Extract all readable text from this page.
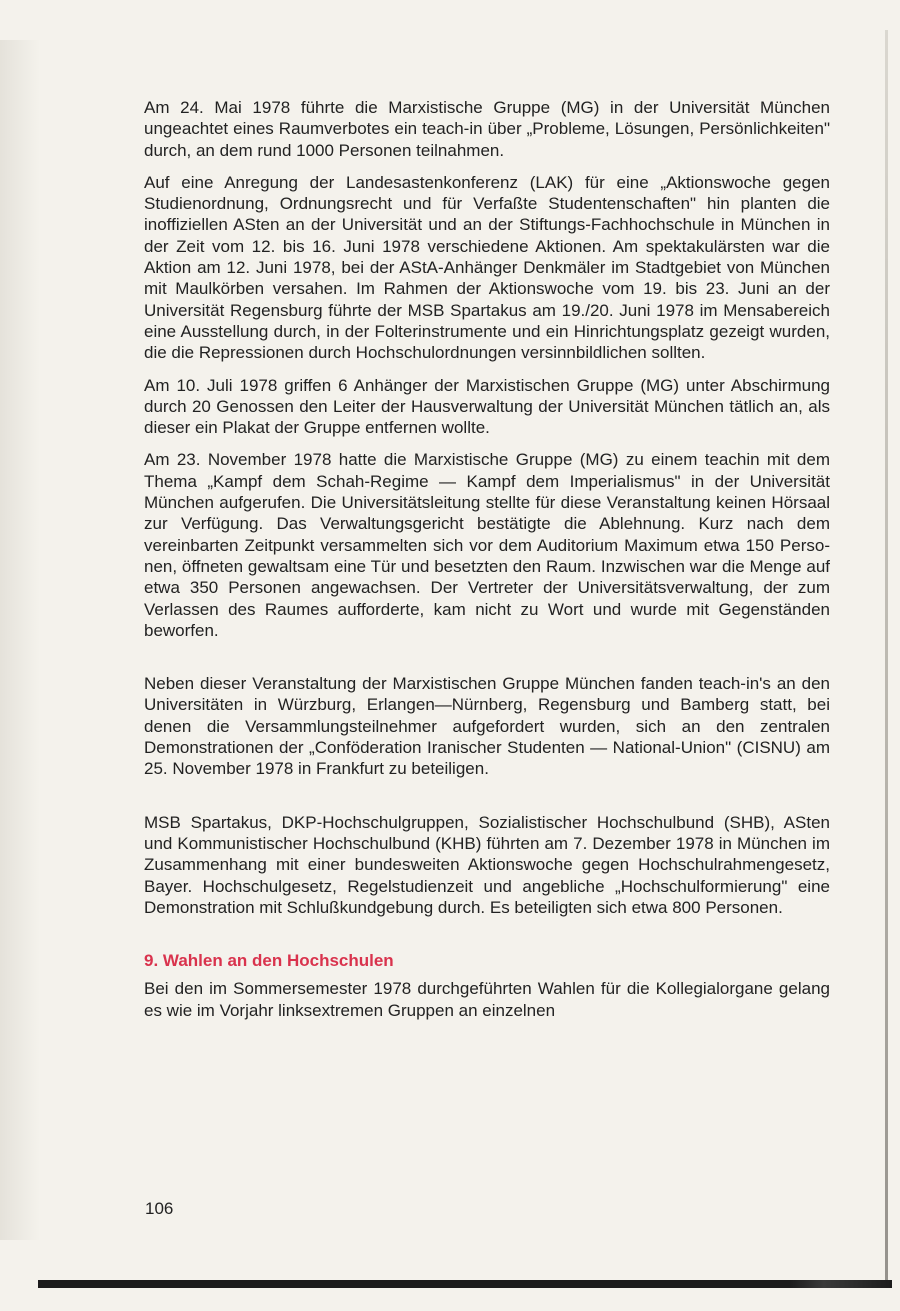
Am 24. Mai 1978 führte die Marxistische Gruppe (MG) in der Universität München ungeachtet eines Raumverbotes ein teach-in über „Probleme, Lösungen, Persönlichkeiten" durch, an dem rund 1000 Personen teilnahmen.

Auf eine Anregung der Landesastenkonferenz (LAK) für eine „Aktionswoche gegen Studienordnung, Ordnungsrecht und für Verfaßte Studentenschaften" hin planten die inoffiziellen ASten an der Universität und an der Stiftungs-Fachhochschule in München in der Zeit vom 12. bis 16. Juni 1978 verschiedene Aktionen. Am spektakulärsten war die Aktion am 12. Juni 1978, bei der AStA-Anhänger Denkmäler im Stadtgebiet von München mit Maulkörben versahen. Im Rahmen der Aktionswoche vom 19. bis 23. Juni an der Universität Regensburg führte der MSB Spartakus am 19./20. Juni 1978 im Mensabereich eine Ausstellung durch, in der Folterinstrumente und ein Hinrichtungsplatz gezeigt wurden, die die Repressionen durch Hochschulordnungen versinnbildlichen sollten.

Am 10. Juli 1978 griffen 6 Anhänger der Marxistischen Gruppe (MG) unter Abschirmung durch 20 Genossen den Leiter der Hausverwaltung der Universität München tätlich an, als dieser ein Plakat der Gruppe entfernen wollte.

Am 23. November 1978 hatte die Marxistische Gruppe (MG) zu einem teachin mit dem Thema „Kampf dem Schah-Regime — Kampf dem Imperialismus" in der Universität München aufgerufen. Die Universitätsleitung stellte für diese Veranstaltung keinen Hörsaal zur Verfügung. Das Verwaltungsgericht bestätigte die Ablehnung. Kurz nach dem vereinbarten Zeitpunkt versammelten sich vor dem Auditorium Maximum etwa 150 Personen, öffneten gewaltsam eine Tür und besetzten den Raum. Inzwischen war die Menge auf etwa 350 Personen angewachsen. Der Vertreter der Universitätsverwaltung, der zum Verlassen des Raumes aufforderte, kam nicht zu Wort und wurde mit Gegenständen beworfen.

Neben dieser Veranstaltung der Marxistischen Gruppe München fanden teach-in's an den Universitäten in Würzburg, Erlangen—Nürnberg, Regensburg und Bamberg statt, bei denen die Versammlungsteilnehmer aufgefordert wurden, sich an den zentralen Demonstrationen der „Conföderation Iranischer Studenten — National-Union" (CISNU) am 25. November 1978 in Frankfurt zu beteiligen.

MSB Spartakus, DKP-Hochschulgruppen, Sozialistischer Hochschulbund (SHB), ASten und Kommunistischer Hochschulbund (KHB) führten am 7. Dezember 1978 in München im Zusammenhang mit einer bundesweiten Aktionswoche gegen Hochschulrahmengesetz, Bayer. Hochschulgesetz, Regelstudienzeit und angebliche „Hochschulformierung" eine Demonstration mit Schlußkundgebung durch. Es beteiligten sich etwa 800 Personen.

9. Wahlen an den Hochschulen

Bei den im Sommersemester 1978 durchgeführten Wahlen für die Kollegialorgane gelang es wie im Vorjahr linksextremen Gruppen an einzelnen

106
